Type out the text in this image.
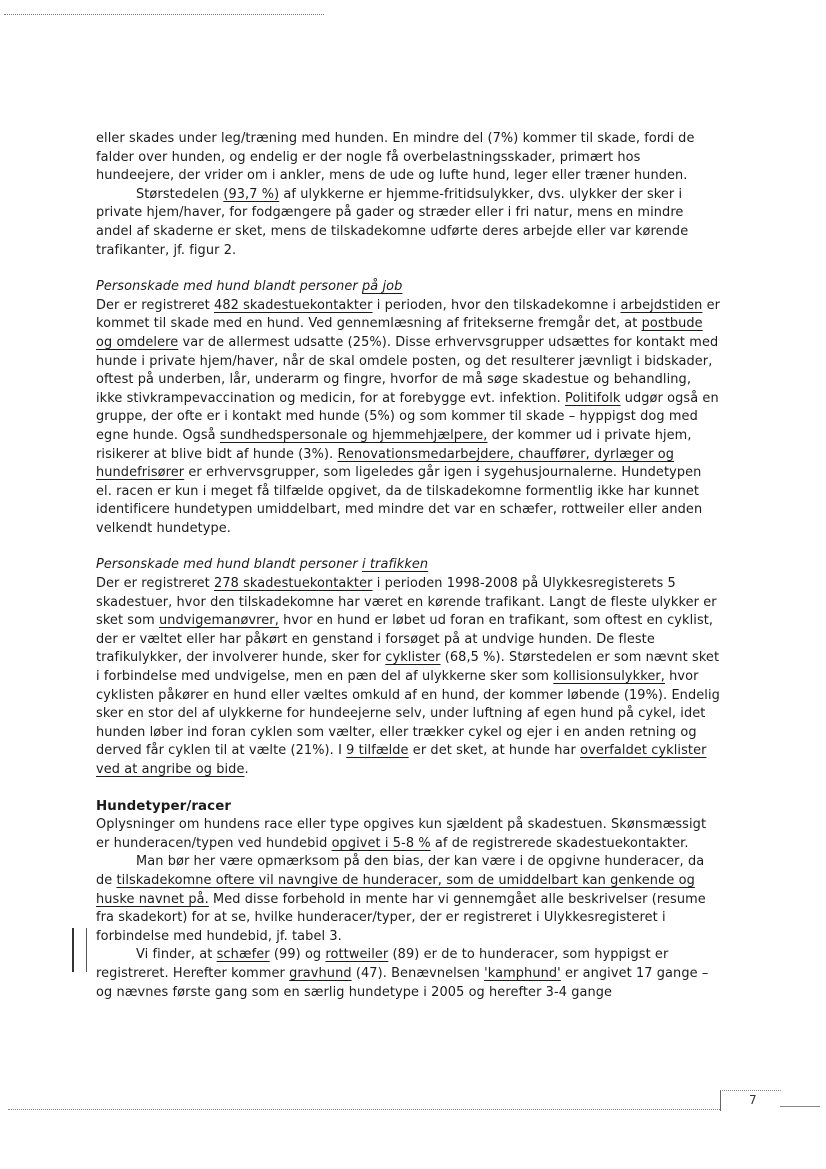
eller skades under leg/træning med hunden. En mindre del (7%) kommer til skade, fordi de falder over hunden, og endelig er der nogle få overbelastningsskader, primært hos hundeejere, der vrider om i ankler, mens de ude og lufte hund, leger eller træner hunden.

Størstedelen (93,7 %) af ulykkerne er hjemme-fritidsulykker, dvs. ulykker der sker i private hjem/haver, for fodgængere på gader og stræder eller i fri natur, mens en mindre andel af skaderne er sket, mens de tilskadekomne udførte deres arbejde eller var kørende trafikanter, jf. figur 2.

Personskade med hund blandt personer på job

Der er registreret 482 skadestuekontakter i perioden, hvor den tilskadekomne i arbejdstiden er kommet til skade med en hund. Ved gennemlæsning af fritekserne fremgår det, at postbude og omdelere var de allermest udsatte (25%). Disse erhvervsgrupper udsættes for kontakt med hunde i private hjem/haver, når de skal omdele posten, og det resulterer jævnligt i bidskader, oftest på underben, lår, underarm og fingre, hvorfor de må søge skadestue og behandling, ikke stivkrampevaccination og medicin, for at forebygge evt. infektion. Politifolk udgør også en gruppe, der ofte er i kontakt med hunde (5%) og som kommer til skade – hyppigst dog med egne hunde. Også sundhedspersonale og hjemmehjælpere, der kommer ud i private hjem, risikerer at blive bidt af hunde (3%). Renovationsmedarbejdere, chauffører, dyrlæger og hundefrisører er erhvervsgrupper, som ligeledes går igen i sygehusjournalerne. Hundetypen el. racen er kun i meget få tilfælde opgivet, da de tilskadekomne formentlig ikke har kunnet identificere hundetypen umiddelbart, med mindre det var en schæfer, rottweiler eller anden velkendt hundetype.

Personskade med hund blandt personer i trafikken

Der er registreret 278 skadestuekontakter i perioden 1998-2008 på Ulykkesregisterets 5 skadestuer, hvor den tilskadekomne har været en kørende trafikant. Langt de fleste ulykker er sket som undvigemanøvrer, hvor en hund er løbet ud foran en trafikant, som oftest en cyklist, der er væltet eller har påkørt en genstand i forsøget på at undvige hunden. De fleste trafikulykker, der involverer hunde, sker for cyklister (68,5 %). Størstedelen er som nævnt sket i forbindelse med undvigelse, men en pæn del af ulykkerne sker som kollisionsulykker, hvor cyklisten påkører en hund eller væltes omkuld af en hund, der kommer løbende (19%). Endelig sker en stor del af ulykkerne for hundeejerne selv, under luftning af egen hund på cykel, idet hunden løber ind foran cyklen som vælter, eller trækker cykel og ejer i en anden retning og derved får cyklen til at vælte (21%). I 9 tilfælde er det sket, at hunde har overfaldet cyklister ved at angribe og bide.

Hundetyper/racer

Oplysninger om hundens race eller type opgives kun sjældent på skadestuen. Skønsmæssigt er hunderacen/typen ved hundebid opgivet i 5-8 % af de registrerede skadestuekontakter.

Man bør her være opmærksom på den bias, der kan være i de opgivne hunderacer, da de tilskadekomne oftere vil navngive de hunderacer, som de umiddelbart kan genkende og huske navnet på. Med disse forbehold in mente har vi gennemgået alle beskrivelser (resume fra skadekort) for at se, hvilke hunderacer/typer, der er registreret i Ulykkesregisteret i forbindelse med hundebid, jf. tabel 3.

Vi finder, at schæfer (99) og rottweiler (89) er de to hunderacer, som hyppigst er registreret. Herefter kommer gravhund (47). Benævnelsen 'kamphund' er angivet 17 gange – og nævnes første gang som en særlig hundetype i 2005 og herefter 3-4 gange

7
